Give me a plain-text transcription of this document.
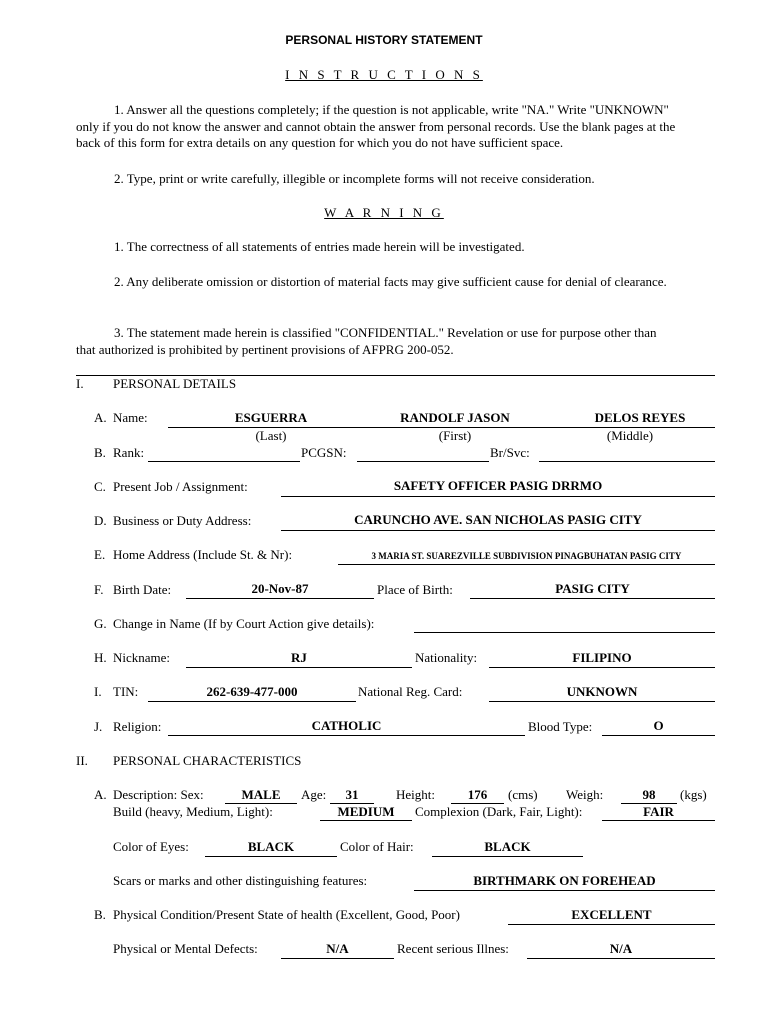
PERSONAL HISTORY STATEMENT
I N S T R U C T I O N S
1. Answer all the questions completely; if the question is not applicable, write "NA." Write "UNKNOWN" only if you do not know the answer and cannot obtain the answer from personal records. Use the blank pages at the back of this form for extra details on any question for which you do not have sufficient space.
2. Type, print or write carefully, illegible or incomplete forms will not receive consideration.
W A R N I N G
1. The correctness of all statements of entries made herein will be investigated.
2. Any deliberate omission or distortion of material facts may give sufficient cause for denial of clearance.
3. The statement made herein is classified "CONFIDENTIAL." Revelation or use for purpose other than that authorized is prohibited by pertinent provisions of AFPRG 200-052.
I. PERSONAL DETAILS
A. Name:	ESGUERRA	RANDOLF JASON	DELOS REYES
(Last)	(First)	(Middle)
B. Rank:	PCGSN:	Br/Svc:
C. Present Job / Assignment:	SAFETY OFFICER PASIG DRRMO
D. Business or Duty Address:	CARUNCHO AVE. SAN NICHOLAS PASIG CITY
E. Home Address (Include St. & Nr):	3 MARIA ST. SUAREZVILLE SUBDIVISION PINAGBUHATAN PASIG CITY
F. Birth Date:	20-Nov-87	Place of Birth:	PASIG CITY
G. Change in Name (If by Court Action give details):
H. Nickname:	RJ	Nationality:	FILIPINO
I. TIN:	262-639-477-000	National Reg. Card:	UNKNOWN
J. Religion:	CATHOLIC	Blood Type:	O
II. PERSONAL CHARACTERISTICS
A. Description: Sex:	MALE	Age:	31	Height:	176	(cms) Weigh:	98	(kgs)
Build (heavy, Medium, Light):	MEDIUM	Complexion (Dark, Fair, Light):	FAIR
Color of Eyes:	BLACK	Color of Hair:	BLACK
Scars or marks and other distinguishing features:	BIRTHMARK ON FOREHEAD
B. Physical Condition/Present State of health (Excellent, Good, Poor)	EXCELLENT
Physical or Mental Defects:	N/A	Recent serious Illnes:	N/A
